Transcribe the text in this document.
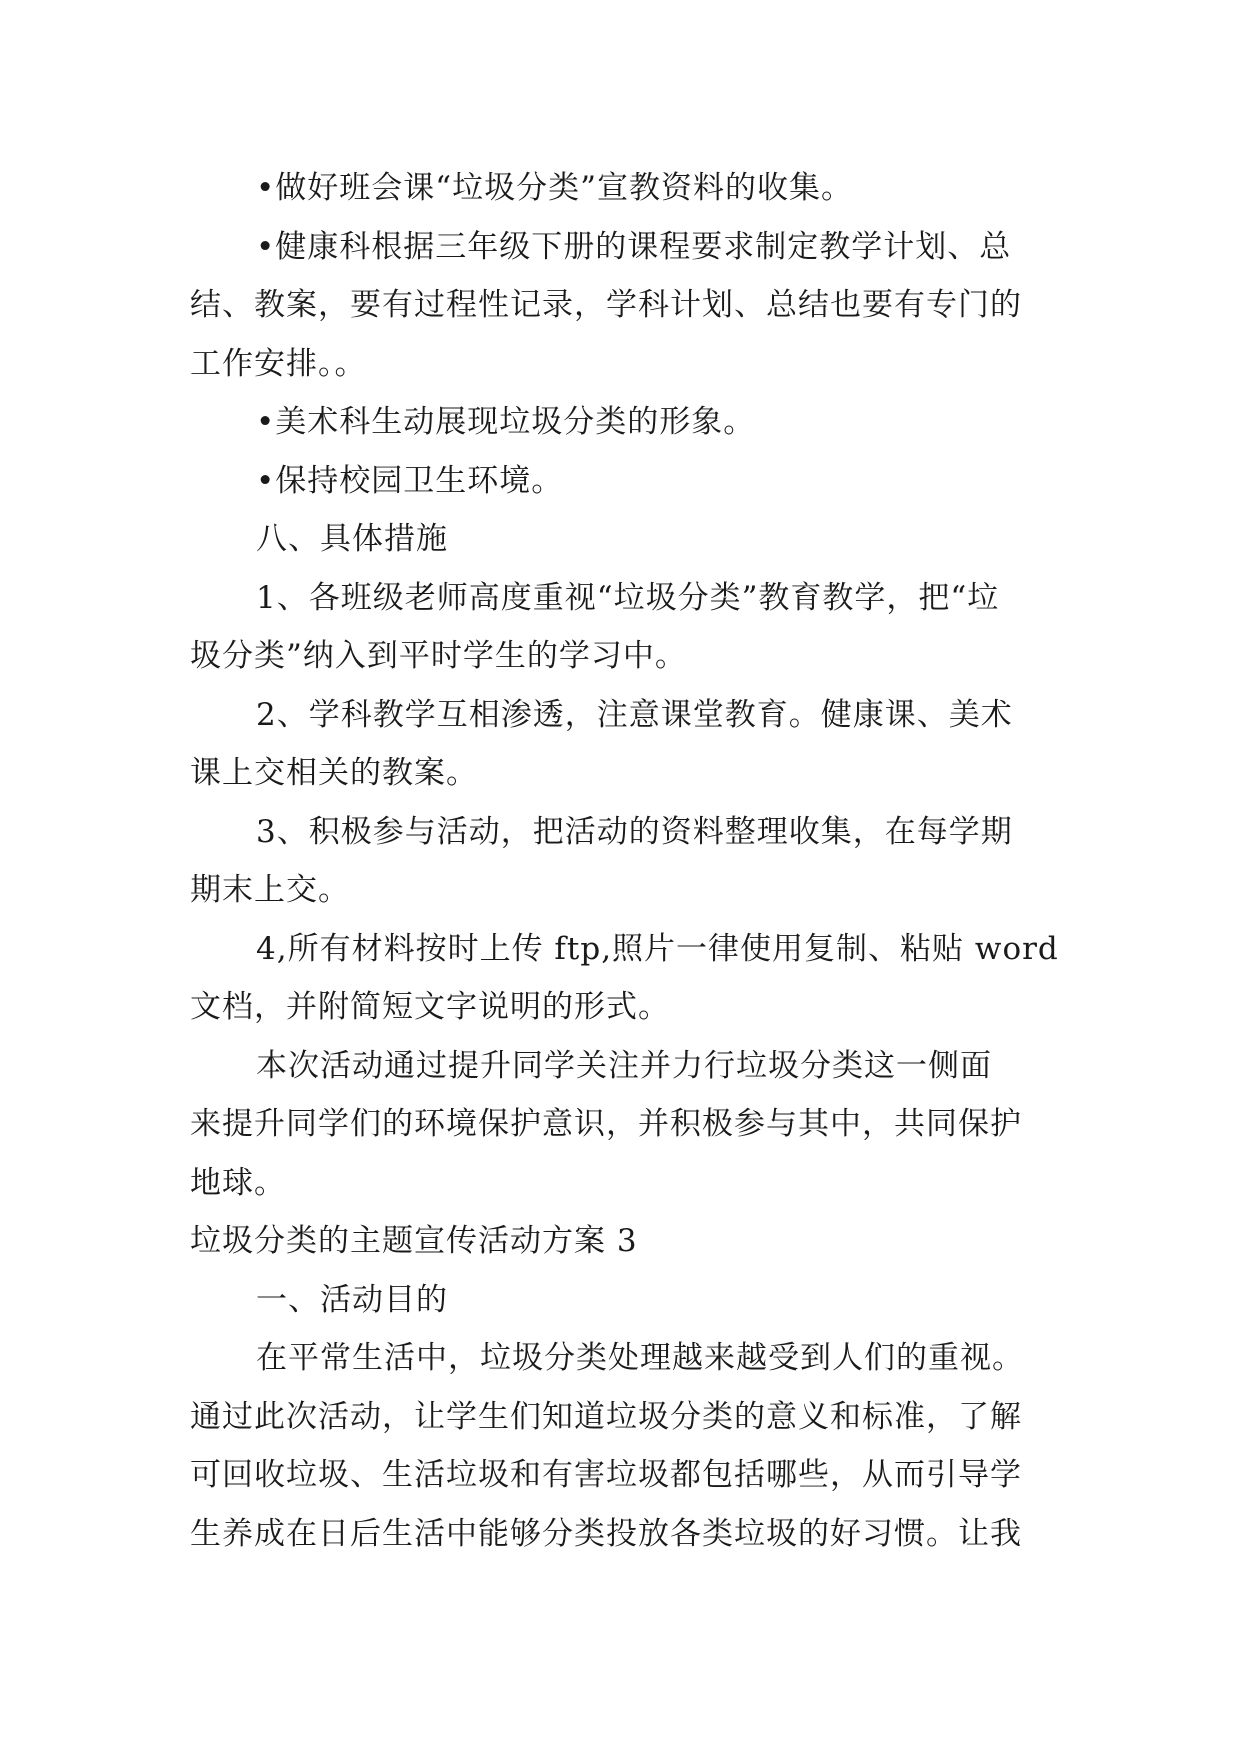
•做好班会课“垃圾分类”宣教资料的收集。
•健康科根据三年级下册的课程要求制定教学计划、总
结、教案，要有过程性记录，学科计划、总结也要有专门的
工作安排。。
•美术科生动展现垃圾分类的形象。
•保持校园卫生环境。
八、具体措施
1、各班级老师高度重视“垃圾分类”教育教学，把“垃
圾分类”纳入到平时学生的学习中。
2、学科教学互相渗透，注意课堂教育。健康课、美术
课上交相关的教案。
3、积极参与活动，把活动的资料整理收集，在每学期
期末上交。
4,所有材料按时上传 ftp,照片一律使用复制、粘贴 word
文档，并附简短文字说明的形式。
本次活动通过提升同学关注并力行垃圾分类这一侧面
来提升同学们的环境保护意识，并积极参与其中，共同保护
地球。
垃圾分类的主题宣传活动方案 3
一、活动目的
在平常生活中，垃圾分类处理越来越受到人们的重视。
通过此次活动，让学生们知道垃圾分类的意义和标准，了解
可回收垃圾、生活垃圾和有害垃圾都包括哪些，从而引导学
生养成在日后生活中能够分类投放各类垃圾的好习惯。让我
